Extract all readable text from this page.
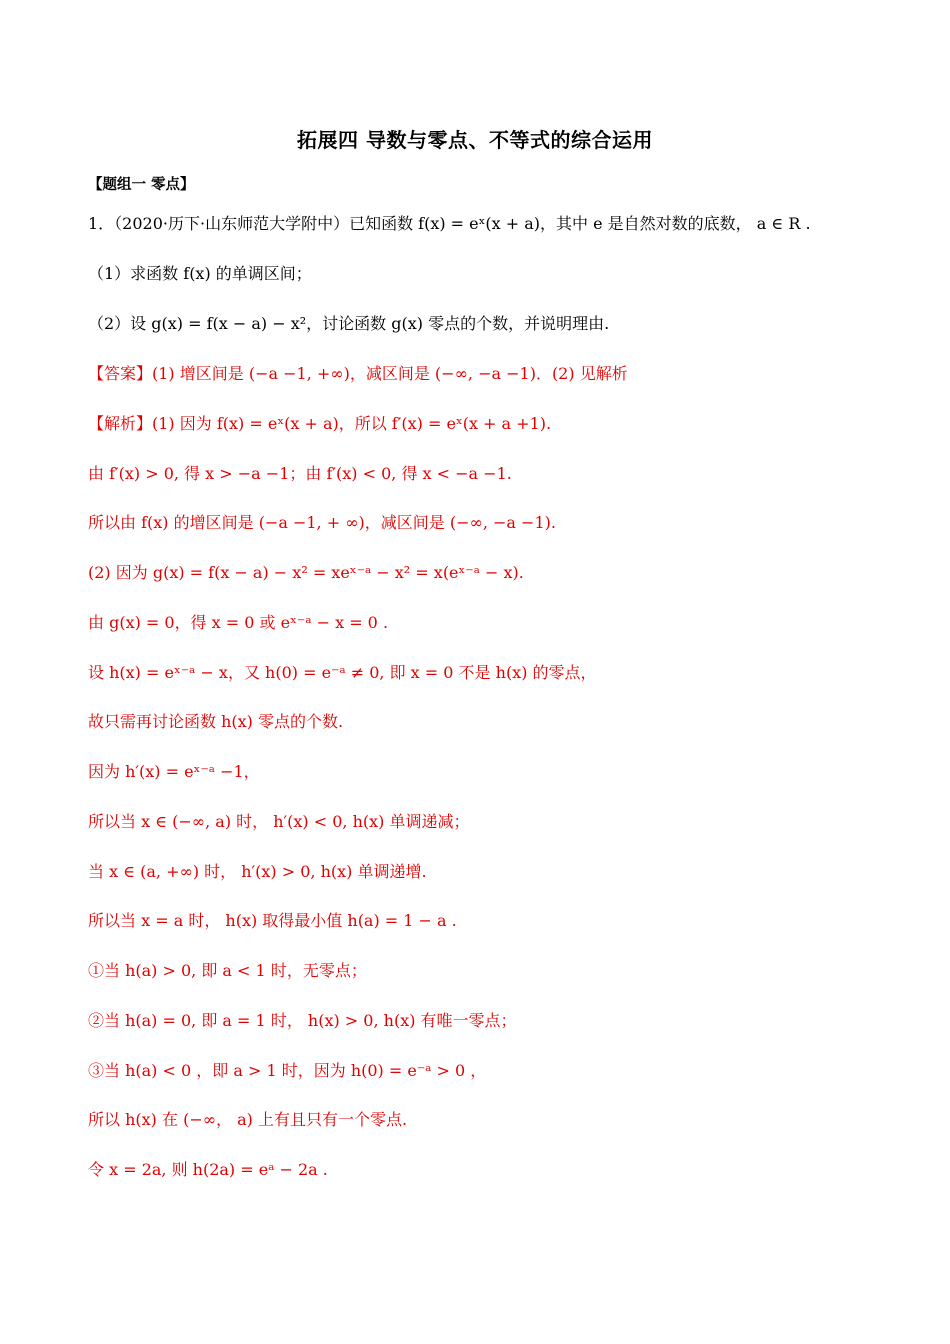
拓展四 导数与零点、不等式的综合运用
【题组一 零点】
1．（2020·历下·山东师范大学附中）已知函数 f(x) = eˣ(x + a)，其中 e 是自然对数的底数， a ∈ R .
（1）求函数 f(x) 的单调区间；
（2）设 g(x) = f(x − a) − x²，讨论函数 g(x) 零点的个数，并说明理由.
【答案】(1) 增区间是 (−a −1, +∞)，减区间是 (−∞, −a −1)．(2) 见解析
【解析】(1) 因为 f(x) = eˣ(x + a)，所以 f′(x) = eˣ(x + a +1).
由 f′(x) > 0, 得 x > −a −1；由 f′(x) < 0, 得 x < −a −1.
所以由 f(x) 的增区间是 (−a −1, + ∞)，减区间是 (−∞, −a −1).
(2) 因为 g(x) = f(x − a) − x² = xeˣ⁻ᵃ − x² = x(eˣ⁻ᵃ − x).
由 g(x) = 0，得 x = 0 或 eˣ⁻ᵃ − x = 0 .
设 h(x) = eˣ⁻ᵃ − x，又 h(0) = e⁻ᵃ ≠ 0, 即 x = 0 不是 h(x) 的零点，
故只需再讨论函数 h(x) 零点的个数.
因为 h′(x) = eˣ⁻ᵃ −1，
所以当 x ∈ (−∞, a) 时， h′(x) < 0, h(x) 单调递减；
当 x ∈ (a, +∞) 时， h′(x) > 0, h(x) 单调递增.
所以当 x = a 时， h(x) 取得最小值 h(a) = 1 − a .
①当 h(a) > 0, 即 a < 1 时，无零点；
②当 h(a) = 0, 即 a = 1 时， h(x) > 0, h(x) 有唯一零点；
③当 h(a) < 0 ，即 a > 1 时，因为 h(0) = e⁻ᵃ > 0 ，
所以 h(x) 在 (−∞， a) 上有且只有一个零点.
令 x = 2a, 则 h(2a) = eᵃ − 2a .
